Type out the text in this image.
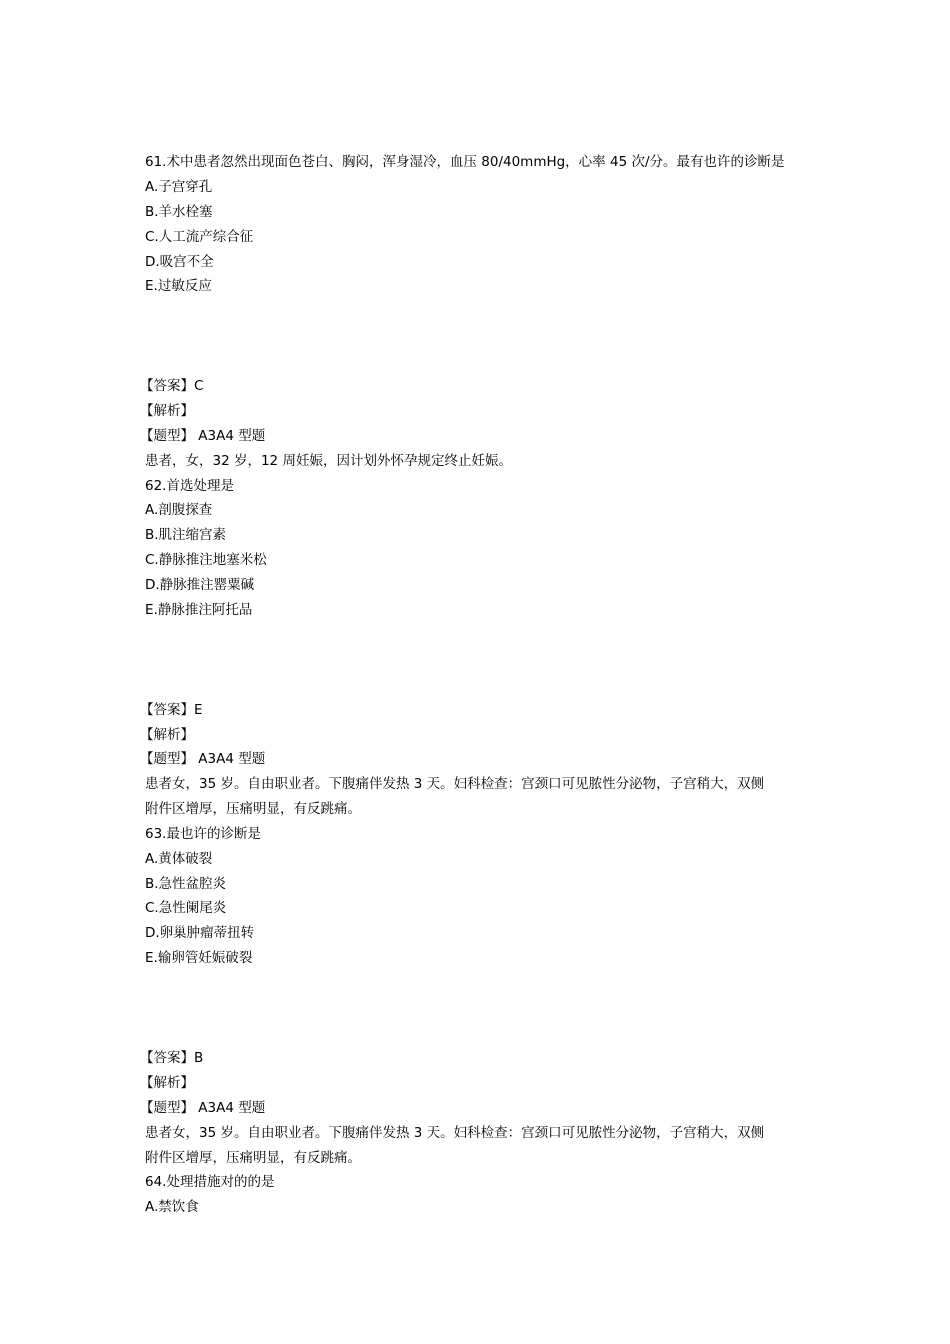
61.术中患者忽然出现面色苍白、胸闷，浑身湿冷，血压 80/40mmHg，心率 45 次/分。最有也许的诊断是
A.子宫穿孔
B.羊水栓塞
C.人工流产综合征
D.吸宫不全
E.过敏反应
【答案】C
【解析】
【题型】 A3A4 型题
患者，女，32 岁，12 周妊娠，因计划外怀孕规定终止妊娠。
62.首选处理是
A.剖腹探查
B.肌注缩宫素
C.静脉推注地塞米松
D.静脉推注罂粟碱
E.静脉推注阿托品
【答案】E
【解析】
【题型】 A3A4 型题
患者女，35 岁。自由职业者。下腹痛伴发热 3 天。妇科检查：宫颈口可见脓性分泌物，子宫稍大，双侧
附件区增厚，压痛明显，有反跳痛。
63.最也许的诊断是
A.黄体破裂
B.急性盆腔炎
C.急性阑尾炎
D.卵巢肿瘤蒂扭转
E.输卵管妊娠破裂
【答案】B
【解析】
【题型】 A3A4 型题
患者女，35 岁。自由职业者。下腹痛伴发热 3 天。妇科检查：宫颈口可见脓性分泌物，子宫稍大，双侧
附件区增厚，压痛明显，有反跳痛。
64.处理措施对的的是
A.禁饮食
